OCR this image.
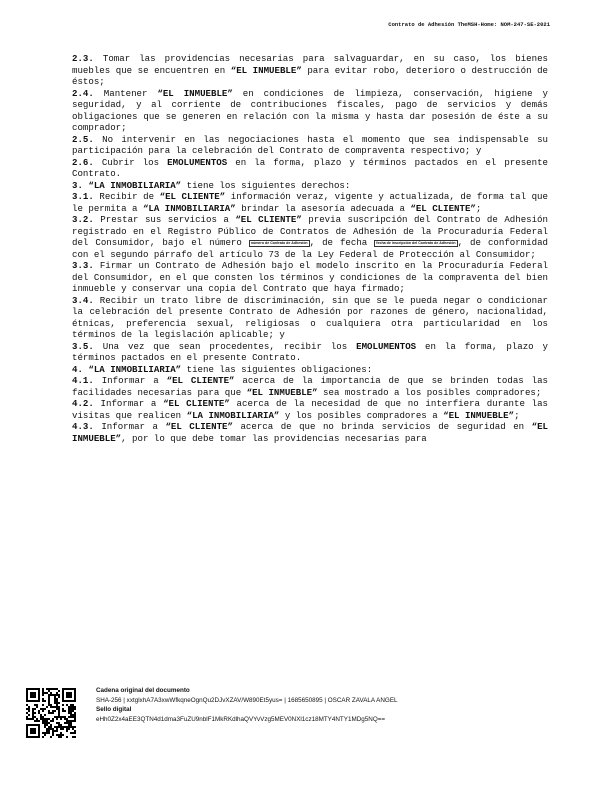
Contrato de Adhesión TheMSH-Home: NOM-247-SE-2021

2.3. Tomar las providencias necesarias para salvaguardar, en su caso, los bienes muebles que se encuentren en “EL INMUEBLE” para evitar robo, deterioro o destrucción de éstos;

2.4. Mantener “EL INMUEBLE” en condiciones de limpieza, conservación, higiene y seguridad, y al corriente de contribuciones fiscales, pago de servicios y demás obligaciones que se generen en relación con la misma y hasta dar posesión de éste a su comprador;

2.5. No intervenir en las negociaciones hasta el momento que sea indispensable su participación para la celebración del Contrato de compraventa respectivo; y

2.6. Cubrir los EMOLUMENTOS en la forma, plazo y términos pactados en el presente Contrato.

3. “LA INMOBILIARIA” tiene los siguientes derechos:

3.1. Recibir de “EL CLIENTE” información veraz, vigente y actualizada, de forma tal que le permita a “LA INMOBILIARIA” brindar la asesoría adecuada a “EL CLIENTE”;

3.2. Prestar sus servicios a “EL CLIENTE” previa suscripción del Contrato de Adhesión registrado en el Registro Público de Contratos de Adhesión de la Procuraduría Federal del Consumidor, bajo el número número de Contrato de Adhesión , de fecha fecha de inscripción del Contrato de Adhesión , de conformidad con el segundo párrafo del artículo 73 de la Ley Federal de Protección al Consumidor;

3.3. Firmar un Contrato de Adhesión bajo el modelo inscrito en la Procuraduría Federal del Consumidor, en el que consten los términos y condiciones de la compraventa del bien inmueble y conservar una copia del Contrato que haya firmado;

3.4. Recibir un trato libre de discriminación, sin que se le pueda negar o condicionar la celebración del presente Contrato de Adhesión por razones de género, nacionalidad, étnicas, preferencia sexual, religiosas o cualquiera otra particularidad en los términos de la legislación aplicable; y

3.5. Una vez que sean procedentes, recibir los EMOLUMENTOS en la forma, plazo y términos pactados en el presente Contrato.

4. “LA INMOBILIARIA” tiene las siguientes obligaciones:

4.1. Informar a “EL CLIENTE” acerca de la importancia de que se brinden todas las facilidades necesarias para que “EL INMUEBLE” sea mostrado a los posibles compradores;

4.2. Informar a “EL CLIENTE” acerca de la necesidad de que no interfiera durante las visitas que realicen “LA INMOBILIARIA” y los posibles compradores a “EL INMUEBLE”;

4.3. Informar a “EL CLIENTE” acerca de que no brinda servicios de seguridad en “EL INMUEBLE”, por lo que debe tomar las providencias necesarias para

Cadena original del documento
SHA-256 | xxtglxhA7A3xwWfkqneOgnQu2DJvXZAV/W890Et5yus= | 1685650895 | OSCAR ZAVALA ANGEL
Sello digital
eHh0Z2x4aEE3QTN4d1dma3FuZU9nblF1MkRKdlhaQVYvVzg5MEV0NXl1cz18MTY4NTY1MDg5NQ==
